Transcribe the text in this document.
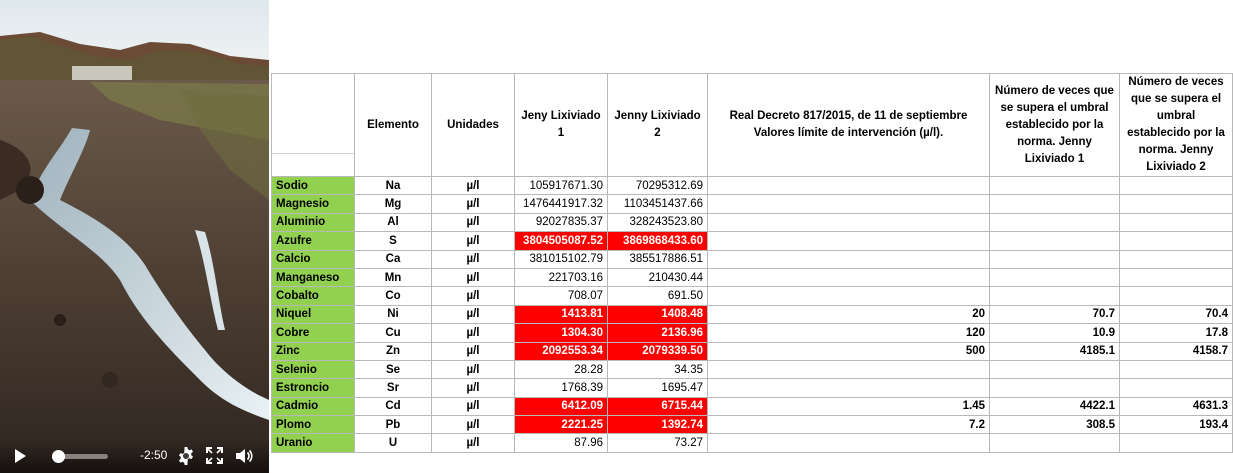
-2:50
	Elemento	Unidades	Jeny Lixiviado 1	Jenny Lixiviado 2	Real Decreto 817/2015, de 11 de septiembre Valores límite de intervención (µ/l).	Número de veces que se supera el umbral establecido por la norma. Jenny Lixiviado 1	Número de veces que se supera el umbral establecido por la norma. Jenny Lixiviado 2
Sodio	Na	µ/l	105917671.30	70295312.69			
Magnesio	Mg	µ/l	1476441917.32	1103451437.66			
Aluminio	Al	µ/l	92027835.37	328243523.80			
Azufre	S	µ/l	3804505087.52	3869868433.60			
Calcio	Ca	µ/l	381015102.79	385517886.51			
Manganeso	Mn	µ/l	221703.16	210430.44			
Cobalto	Co	µ/l	708.07	691.50			
Niquel	Ni	µ/l	1413.81	1408.48	20	70.7	70.4
Cobre	Cu	µ/l	1304.30	2136.96	120	10.9	17.8
Zinc	Zn	µ/l	2092553.34	2079339.50	500	4185.1	4158.7
Selenio	Se	µ/l	28.28	34.35			
Estroncio	Sr	µ/l	1768.39	1695.47			
Cadmio	Cd	µ/l	6412.09	6715.44	1.45	4422.1	4631.3
Plomo	Pb	µ/l	2221.25	1392.74	7.2	308.5	193.4
Uranio	U	µ/l	87.96	73.27			
